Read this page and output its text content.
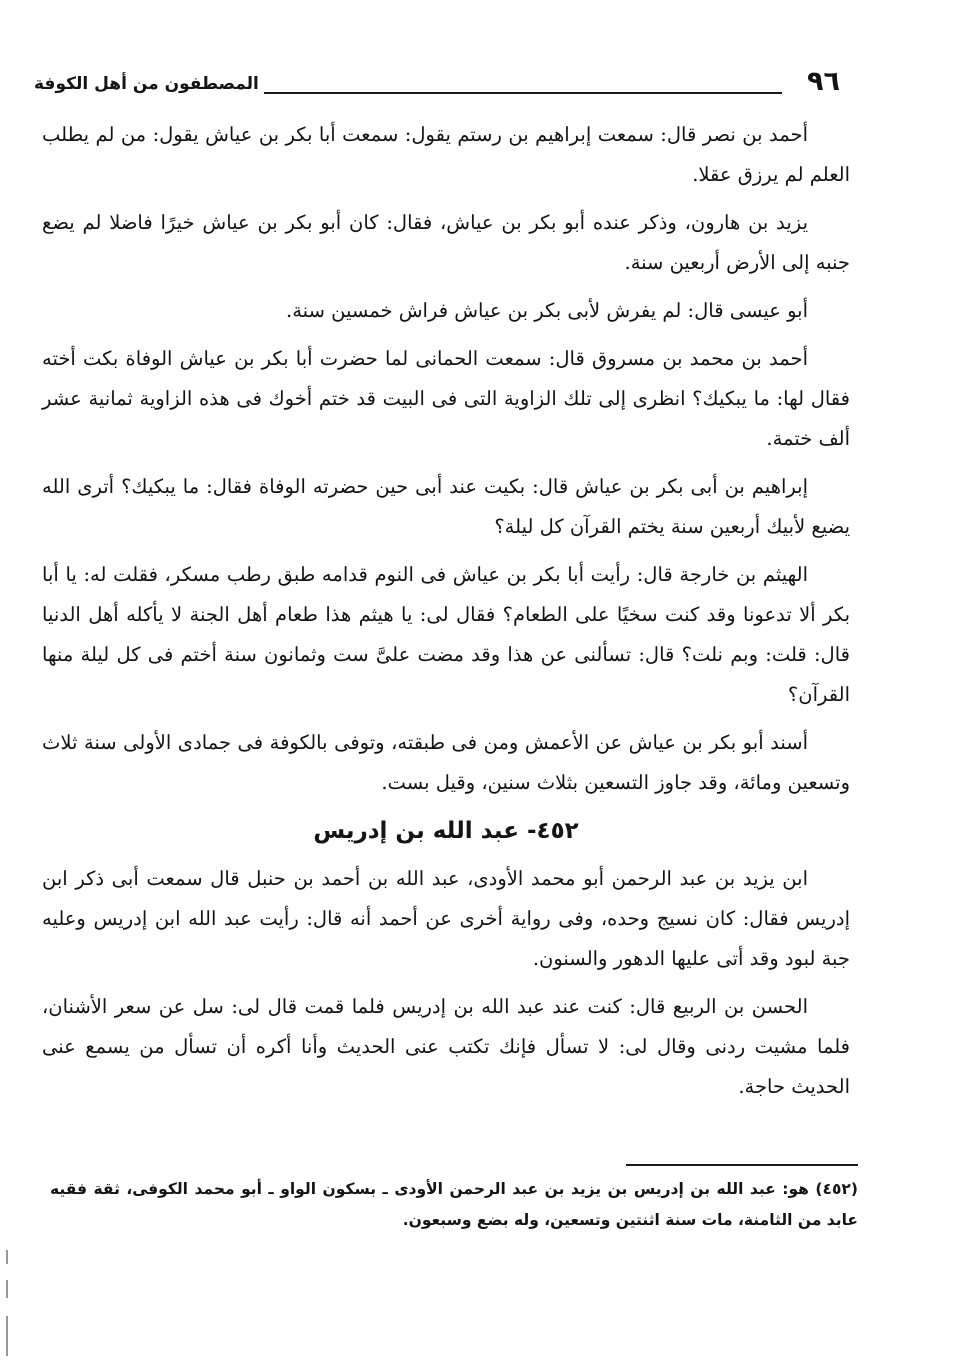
٩٦
المصطفون من أهل الكوفة

أحمد بن نصر قال: سمعت إبراهيم بن رستم يقول: سمعت أبا بكر بن عياش يقول: من لم يطلب العلم لم يرزق عقلا.

يزيد بن هارون، وذكر عنده أبو بكر بن عياش، فقال: كان أبو بكر بن عياش خيرًا فاضلا لم يضع جنبه إلى الأرض أربعين سنة.

أبو عيسى قال: لم يفرش لأبى بكر بن عياش فراش خمسين سنة.

أحمد بن محمد بن مسروق قال: سمعت الحمانى لما حضرت أبا بكر بن عياش الوفاة بكت أخته فقال لها: ما يبكيك؟ انظرى إلى تلك الزاوية التى فى البيت قد ختم أخوك فى هذه الزاوية ثمانية عشر ألف ختمة.

إبراهيم بن أبى بكر بن عياش قال: بكيت عند أبى حين حضرته الوفاة فقال: ما يبكيك؟ أترى الله يضيع لأبيك أربعين سنة يختم القرآن كل ليلة؟

الهيثم بن خارجة قال: رأيت أبا بكر بن عياش فى النوم قدامه طبق رطب مسكر، فقلت له: يا أبا بكر ألا تدعونا وقد كنت سخيًا على الطعام؟ فقال لى: يا هيثم هذا طعام أهل الجنة لا يأكله أهل الدنيا قال: قلت: وبم نلت؟ قال: تسألنى عن هذا وقد مضت علىَّ ست وثمانون سنة أختم فى كل ليلة منها القرآن؟

أسند أبو بكر بن عياش عن الأعمش ومن فى طبقته، وتوفى بالكوفة فى جمادى الأولى سنة ثلاث وتسعين ومائة، وقد جاوز التسعين بثلاث سنين، وقيل بست.

٤٥٢- عبد الله بن إدريس

ابن يزيد بن عبد الرحمن أبو محمد الأودى، عبد الله بن أحمد بن حنبل قال سمعت أبى ذكر ابن إدريس فقال: كان نسيج وحده، وفى رواية أخرى عن أحمد أنه قال: رأيت عبد الله ابن إدريس وعليه جبة لبود وقد أتى عليها الدهور والسنون.

الحسن بن الربيع قال: كنت عند عبد الله بن إدريس فلما قمت قال لى: سل عن سعر الأشنان، فلما مشيت ردنى وقال لى: لا تسأل فإنك تكتب عنى الحديث وأنا أكره أن تسأل من يسمع عنى الحديث حاجة.

(٤٥٢) هو: عبد الله بن إدريس بن يزيد بن عبد الرحمن الأودى ـ بسكون الواو ـ أبو محمد الكوفى، ثقة فقيه عابد من الثامنة، مات سنة اثنتين وتسعين، وله بضع وسبعون.
